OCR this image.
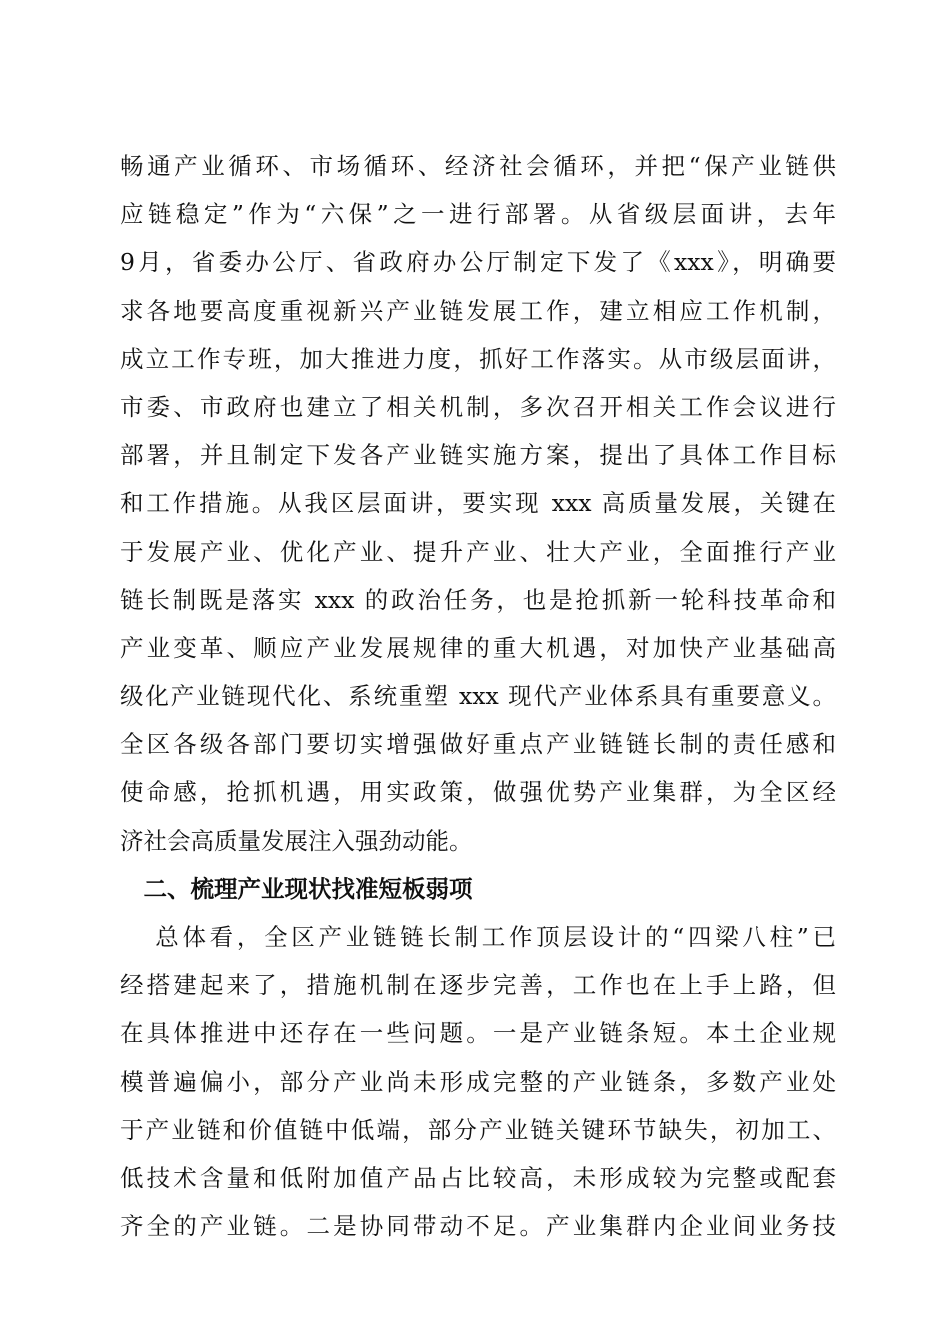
畅通产业循环、市场循环、经济社会循环，并把“保产业链供
应链稳定”作为“六保”之一进行部署。从省级层面讲，去年
9月，省委办公厅、省政府办公厅制定下发了《xxx》，明确要
求各地要高度重视新兴产业链发展工作，建立相应工作机制，
成立工作专班，加大推进力度，抓好工作落实。从市级层面讲，
市委、市政府也建立了相关机制，多次召开相关工作会议进行
部署，并且制定下发各产业链实施方案，提出了具体工作目标
和工作措施。从我区层面讲，要实现 xxx 高质量发展，关键在
于发展产业、优化产业、提升产业、壮大产业，全面推行产业
链长制既是落实 xxx 的政治任务，也是抢抓新一轮科技革命和
产业变革、顺应产业发展规律的重大机遇，对加快产业基础高
级化产业链现代化、系统重塑 xxx 现代产业体系具有重要意义。
全区各级各部门要切实增强做好重点产业链链长制的责任感和
使命感，抢抓机遇，用实政策，做强优势产业集群，为全区经
济社会高质量发展注入强劲动能。
二、梳理产业现状找准短板弱项
总体看，全区产业链链长制工作顶层设计的“四梁八柱”已
经搭建起来了，措施机制在逐步完善，工作也在上手上路，但
在具体推进中还存在一些问题。一是产业链条短。本土企业规
模普遍偏小，部分产业尚未形成完整的产业链条，多数产业处
于产业链和价值链中低端，部分产业链关键环节缺失，初加工、
低技术含量和低附加值产品占比较高，未形成较为完整或配套
齐全的产业链。二是协同带动不足。产业集群内企业间业务技
